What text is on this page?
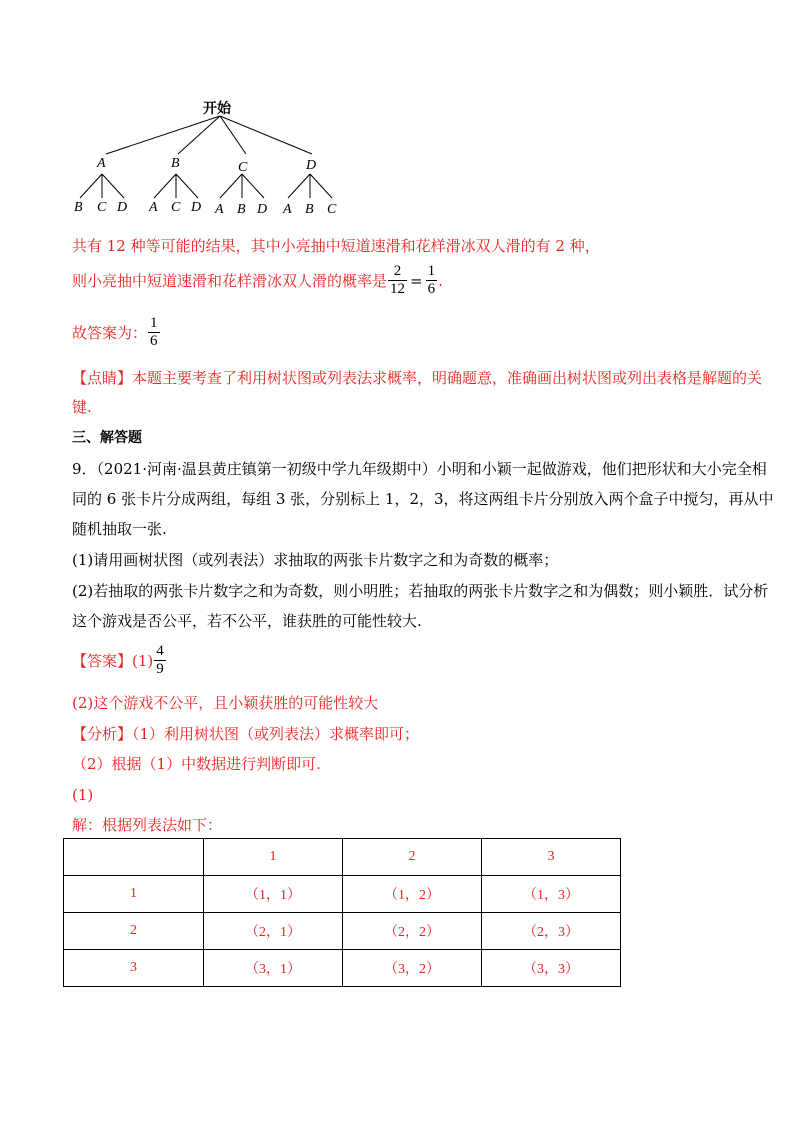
开始
A	B	C	D
B C D A C D A B D A B C
共有 12 种等可能的结果，其中小亮抽中短道速滑和花样滑冰双人滑的有 2 种，
则小亮抽中短道速滑和花样滑冰双人滑的概率是 $\frac{2}{12} = \frac{1}{6}$ .
故答案为： $\frac{1}{6}$
【点睛】本题主要考查了利用树状图或列表法求概率，明确题意，准确画出树状图或列出表格是解题的关
键.
三、解答题
9．（2021·河南·温县黄庄镇第一初级中学九年级期中）小明和小颖一起做游戏，他们把形状和大小完全相
同的 6 张卡片分成两组，每组 3 张，分别标上 1，2，3，将这两组卡片分别放入两个盒子中搅匀，再从中
随机抽取一张.
(1)请用画树状图（或列表法）求抽取的两张卡片数字之和为奇数的概率；
(2)若抽取的两张卡片数字之和为奇数，则小明胜；若抽取的两张卡片数字之和为偶数；则小颖胜．试分析
这个游戏是否公平，若不公平，谁获胜的可能性较大.
【答案】$(1) \frac{4}{9}$
(2)这个游戏不公平，且小颖获胜的可能性较大
【分析】（1）利用树状图（或列表法）求概率即可；
（2）根据（1）中数据进行判断即可.
(1)
解：根据列表法如下：
	1	2	3
1	（1，1）	（1，2）	（1，3）
2	（2，1）	（2，2）	（2，3）
3	（3，1）	（3，2）	（3，3）
